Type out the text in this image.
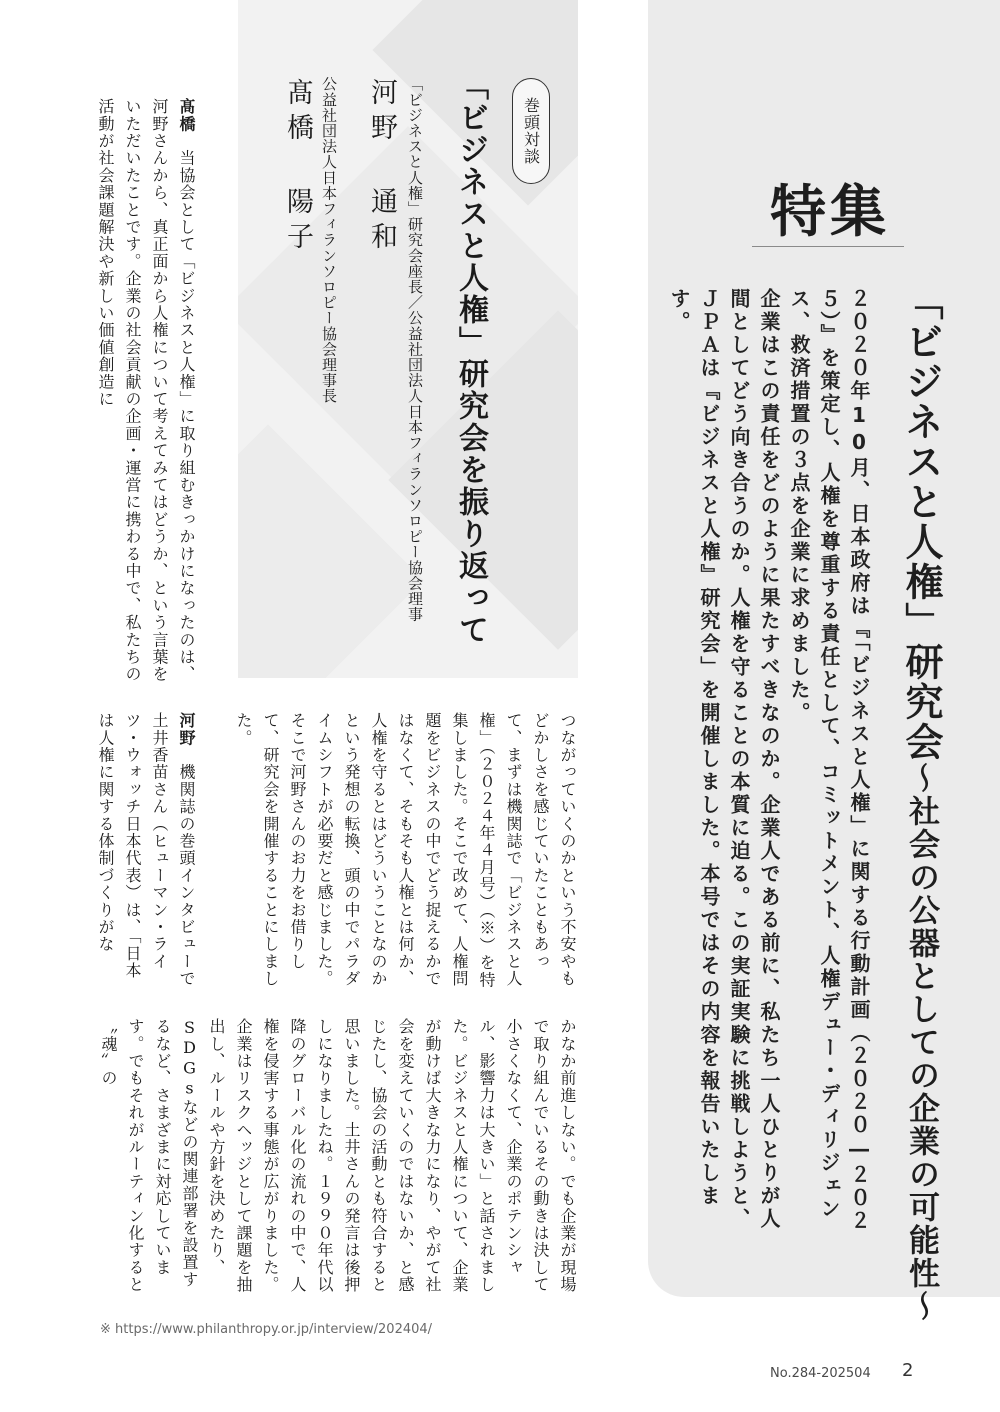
特集
「ビジネスと人権」研究会〜社会の公器としての企業の可能性〜
２０２０年10月、日本政府は『「ビジネスと人権」に関する行動計画（２０２０―２０２５）』を策定し、人権を尊重する責任として、コミットメント、人権デュー・ディリジェンス、救済措置の３点を企業に求めました。
企業はこの責任をどのように果たすべきなのか。企業人である前に、私たち一人ひとりが人間としてどう向き合うのか。人権を守ることの本質に迫る。この実証実験に挑戦しようと、ＪＰＡは『ビジネスと人権』研究会」を開催しました。本号ではその内容を報告いたします。
巻頭対談
「ビジネスと人権」研究会を振り返って
「ビジネスと人権」研究会座長／公益社団法人日本フィランソロピー協会理事
河野 通和
公益社団法人日本フィランソロピー協会理事長
髙橋 陽子
髙橋　当協会として「ビジネスと人権」に取り組むきっかけになったのは、河野さんから、真正面から人権について考えてみてはどうか、という言葉をいただいたことです。企業の社会貢献の企画・運営に携わる中で、私たちの活動が社会課題解決や新しい価値創造に
つながっていくのかという不安やもどかしさを感じていたこともあって、まずは機関誌で「ビジネスと人権」（２０２４年４月号）（※）を特集しました。そこで改めて、人権問題をビジネスの中でどう捉えるかではなくて、そもそも人権とは何か、人権を守るとはどういうことなのかという発想の転換、頭の中でパラダイムシフトが必要だと感じました。そこで河野さんのお力をお借りして、研究会を開催することにしました。
河野　機関誌の巻頭インタビューで土井香苗さん（ヒューマン・ライツ・ウォッチ日本代表）は、「日本は人権に関する体制づくりがな
かなか前進しない。でも企業が現場で取り組んでいるその動きは決して小さくなくて、企業のポテンシャル、影響力は大きい」と話されました。ビジネスと人権について、企業が動けば大きな力になり、やがて社会を変えていくのではないか、と感じたし、協会の活動とも符合すると思いました。土井さんの発言は後押しになりましたね。１９９０年代以降のグローバル化の流れの中で、人権を侵害する事態が広がりました。企業はリスクヘッジとして課題を抽出し、ルールや方針を決めたり、SDGsなどの関連部署を設置するなど、さまざまに対応しています。でもそれがルーティン化すると〝魂〟の
※ https://www.philanthropy.or.jp/interview/202404/
No.284-202504 2
